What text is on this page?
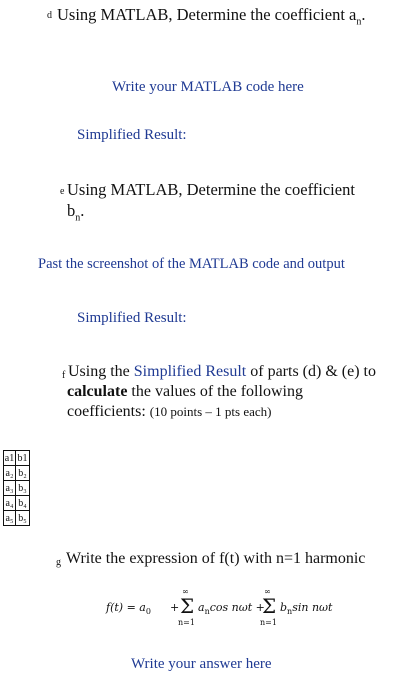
d Using MATLAB, Determine the coefficient $a_n$.
Write your MATLAB code here
Simplified Result:
e Using MATLAB, Determine the coefficient
$b_n$.
Past the screenshot of the MATLAB code and output
Simplified Result:
f Using the Simplified Result of parts (d) & (e) to
calculate the values of the following
coefficients: (10 points – 1 pts each)
a1	b1
a₂	b₂
a₃	b₃
a₄	b₄
a₅	b₅
g Write the expression of f(t) with n=1 harmonic
$f(t) = a_0$ +
∞
Σ
n=1
$a_n\cos$ nωt +
∞
Σ
n=1
$b_n\sin$ nωt
Write your answer here
